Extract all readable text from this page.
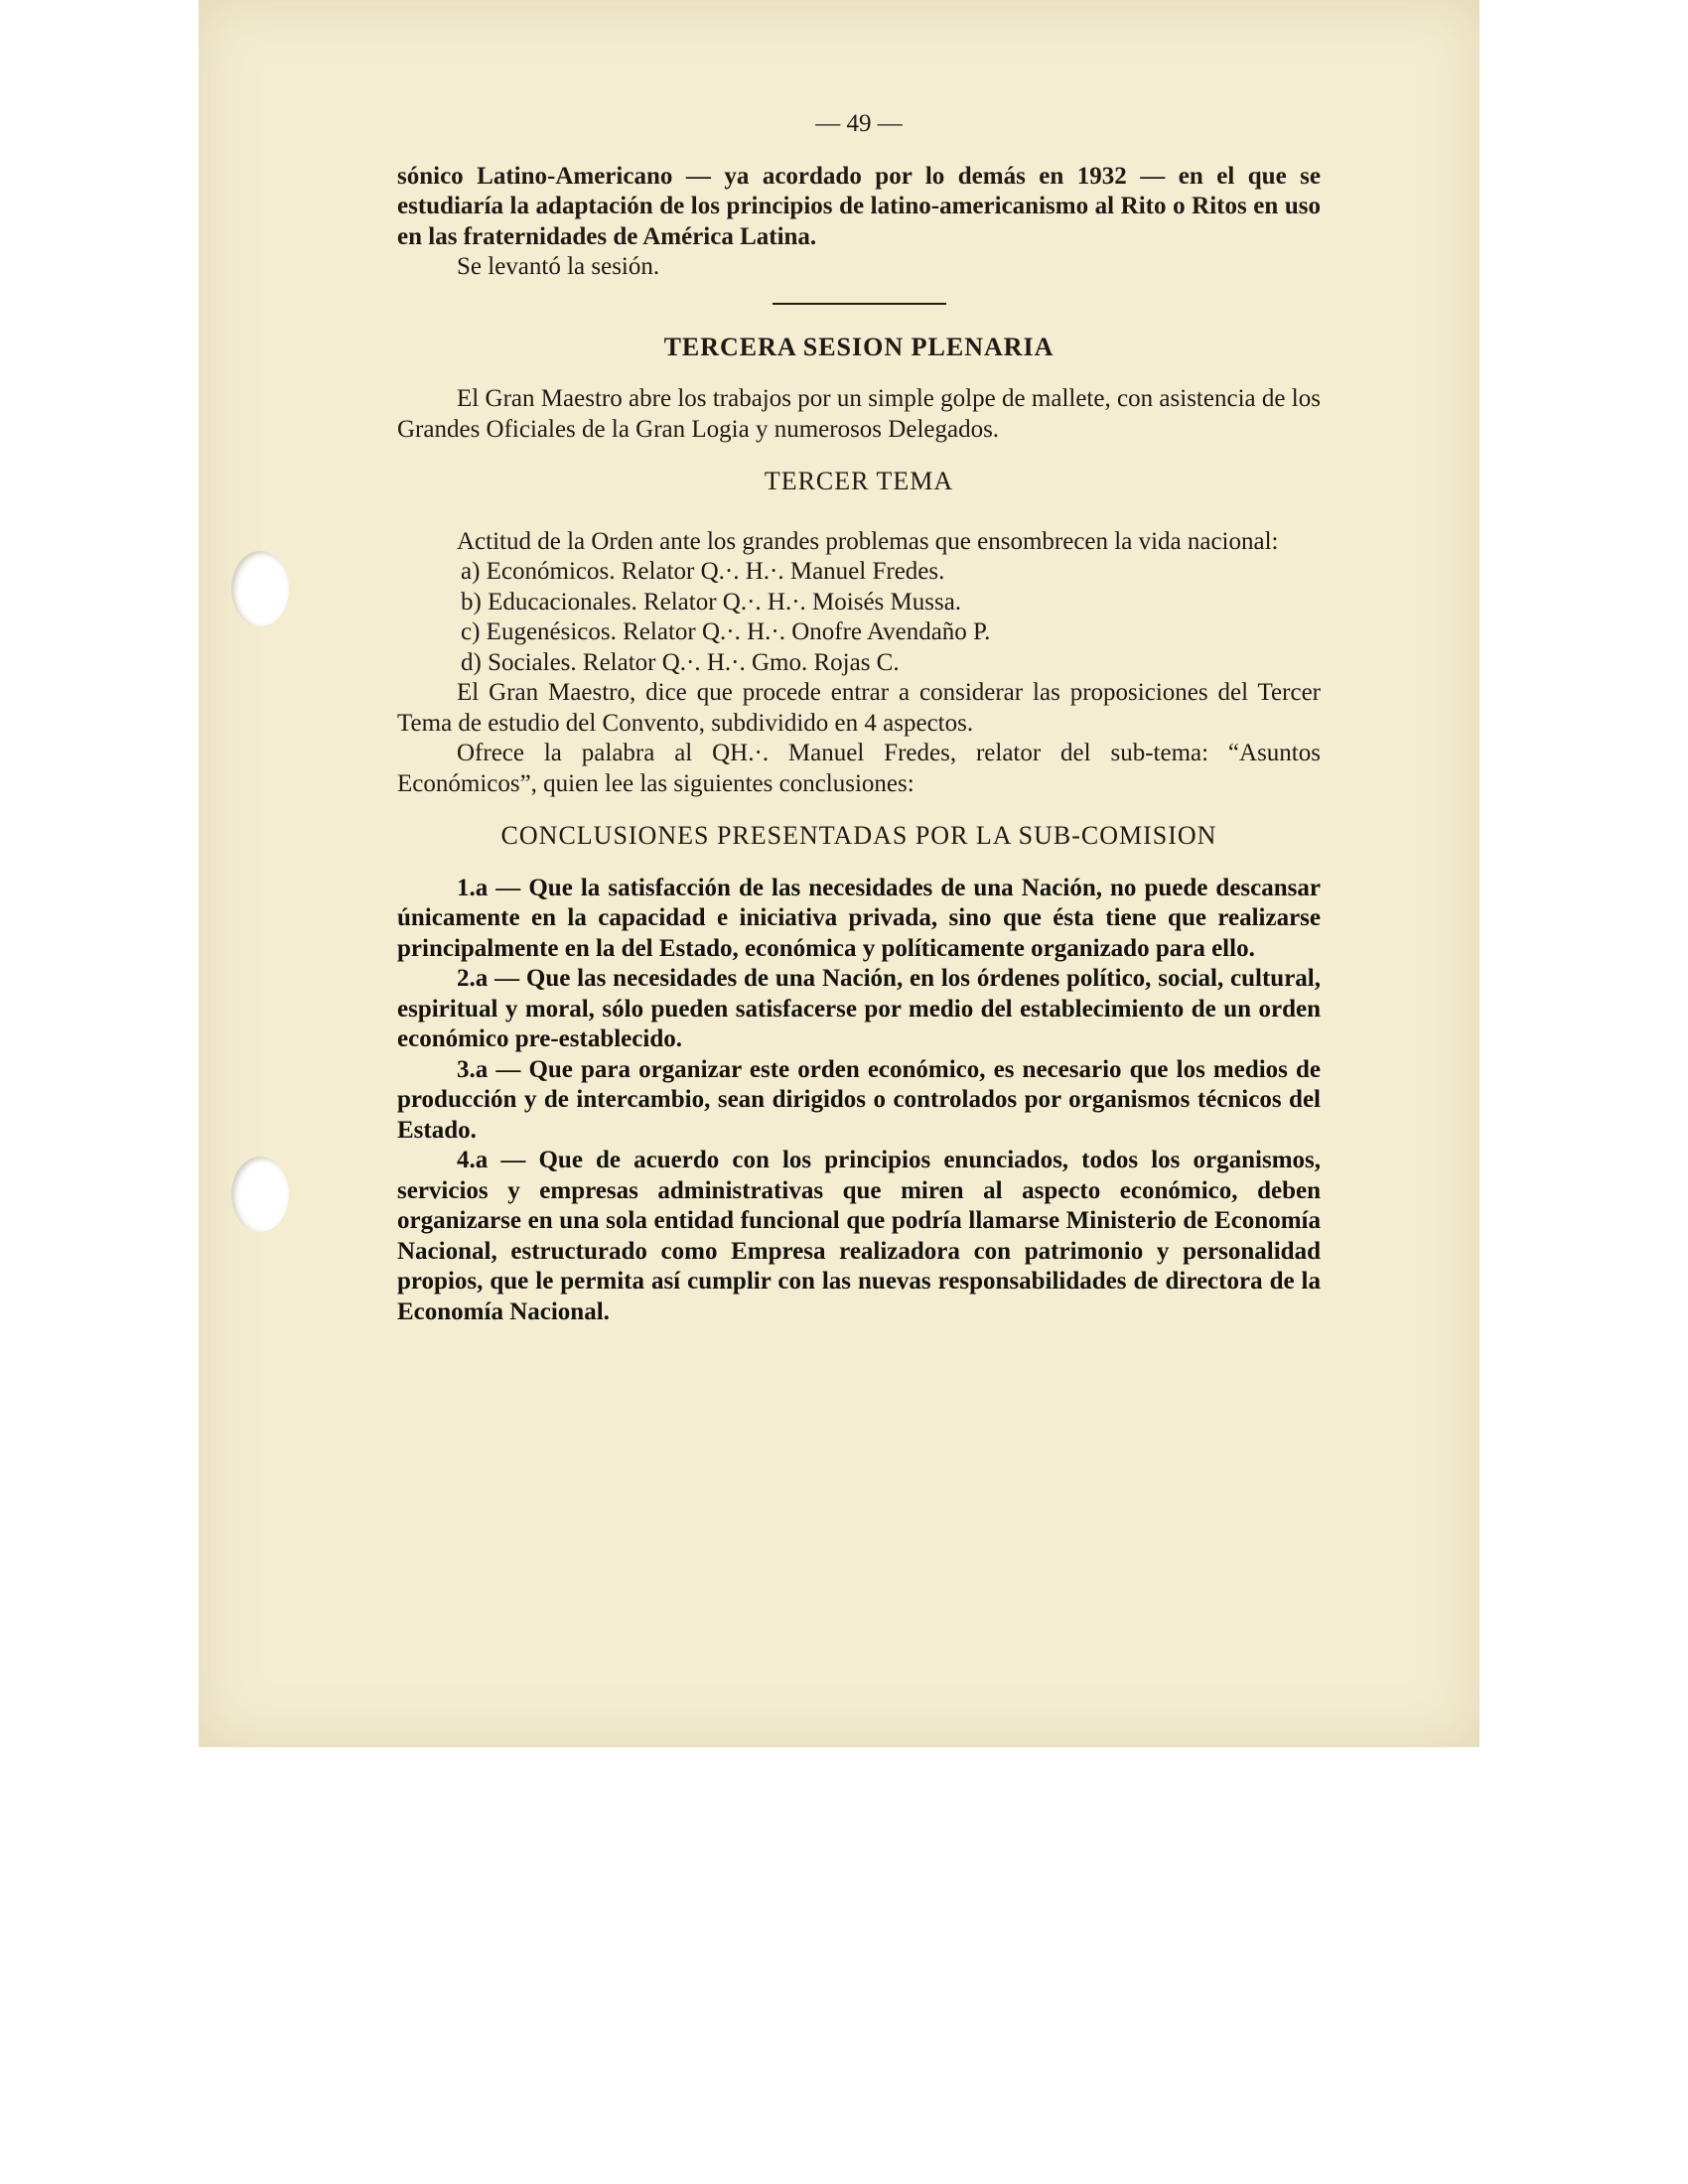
— 49 —

sónico Latino-Americano — ya acordado por lo demás en 1932 — en el que se estudiaría la adaptación de los principios de latino-americanismo al Rito o Ritos en uso en las fraternidades de América Latina.

Se levantó la sesión.

TERCERA SESION PLENARIA

El Gran Maestro abre los trabajos por un simple golpe de mallete, con asistencia de los Grandes Oficiales de la Gran Logia y numerosos Delegados.

TERCER TEMA

Actitud de la Orden ante los grandes problemas que ensombrecen la vida nacional:

a) Económicos. Relator Q.·. H.·. Manuel Fredes.
b) Educacionales. Relator Q.·. H.·. Moisés Mussa.
c) Eugenésicos. Relator Q.·. H.·. Onofre Avendaño P.
d) Sociales. Relator Q.·. H.·. Gmo. Rojas C.

El Gran Maestro, dice que procede entrar a considerar las proposiciones del Tercer Tema de estudio del Convento, subdividido en 4 aspectos.

Ofrece la palabra al QH.·. Manuel Fredes, relator del sub-tema: “Asuntos Económicos”, quien lee las siguientes conclusiones:

CONCLUSIONES PRESENTADAS POR LA SUB-COMISION

1.a — Que la satisfacción de las necesidades de una Nación, no puede descansar únicamente en la capacidad e iniciativa privada, sino que ésta tiene que realizarse principalmente en la del Estado, económica y políticamente organizado para ello.

2.a — Que las necesidades de una Nación, en los órdenes político, social, cultural, espiritual y moral, sólo pueden satisfacerse por medio del establecimiento de un orden económico pre-establecido.

3.a — Que para organizar este orden económico, es necesario que los medios de producción y de intercambio, sean dirigidos o controlados por organismos técnicos del Estado.

4.a — Que de acuerdo con los principios enunciados, todos los organismos, servicios y empresas administrativas que miren al aspecto económico, deben organizarse en una sola entidad funcional que podría llamarse Ministerio de Economía Nacional, estructurado como Empresa realizadora con patrimonio y personalidad propios, que le permita así cumplir con las nuevas responsabilidades de directora de la Economía Nacional.
